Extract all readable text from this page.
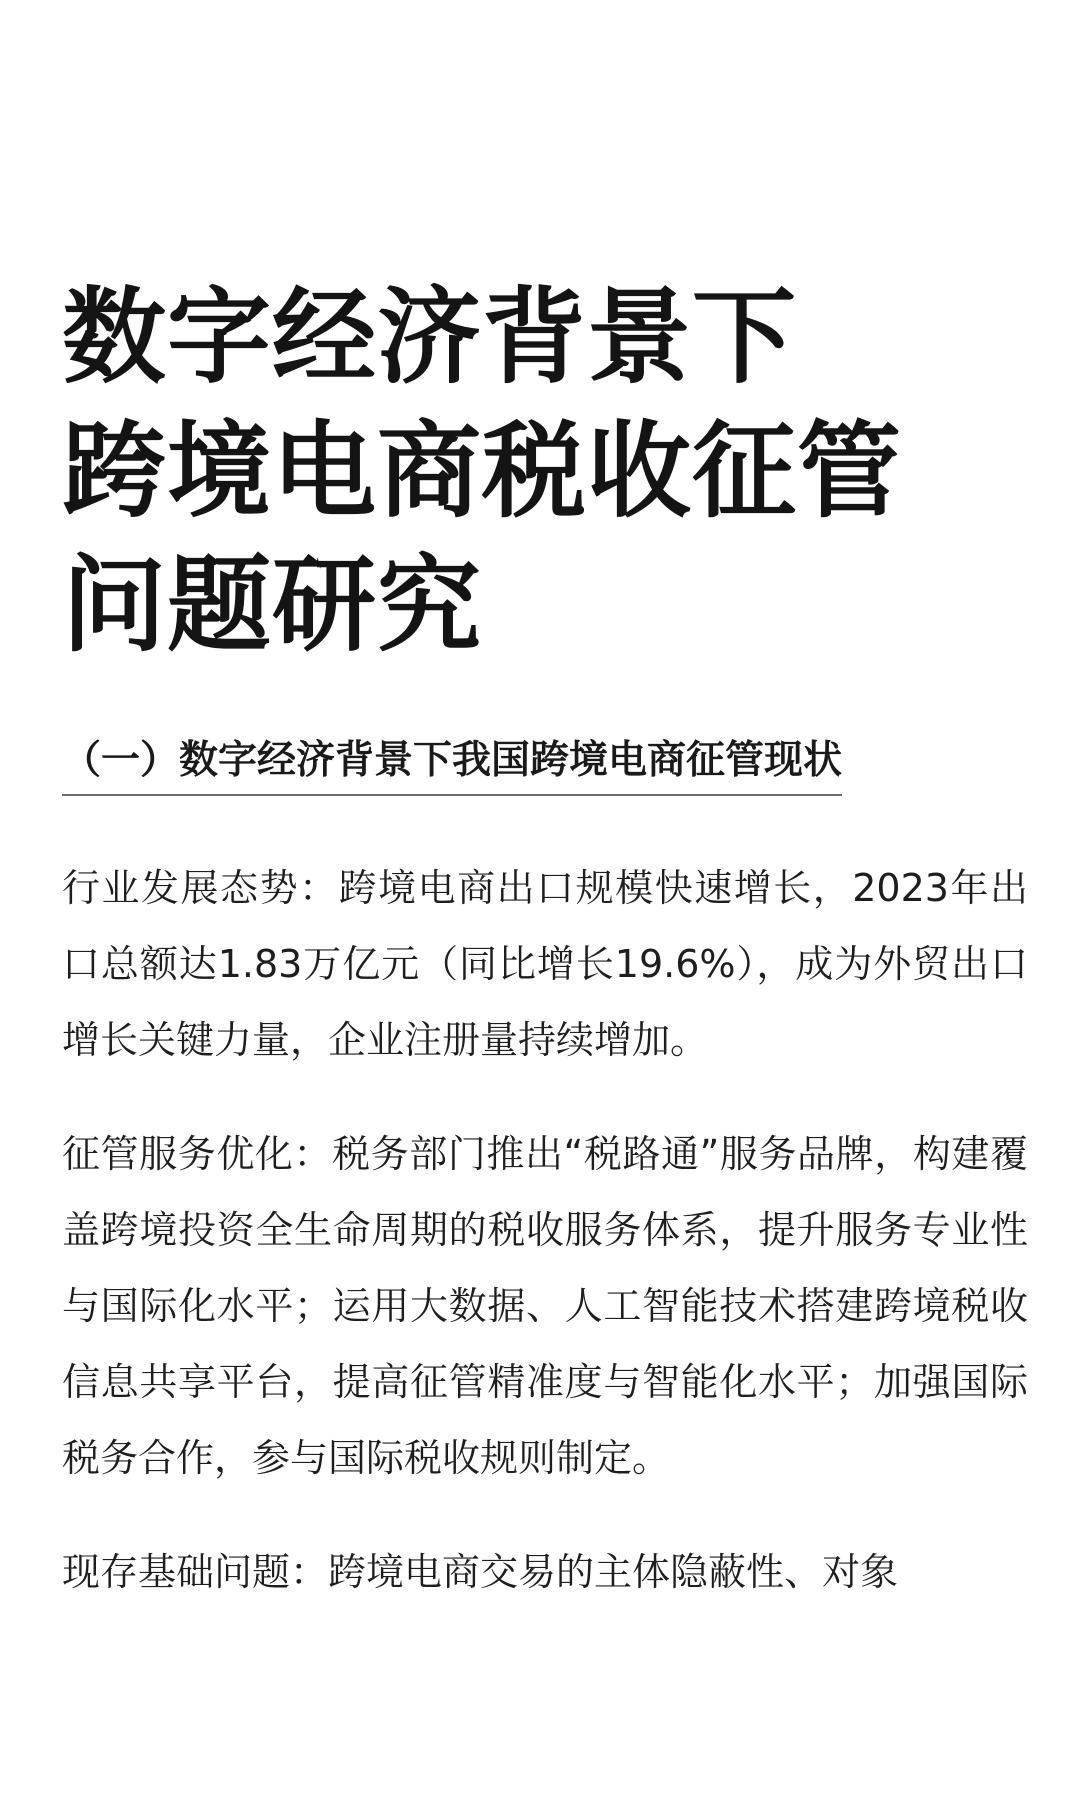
数字经济背景下
跨境电商税收征管
问题研究
（一）数字经济背景下我国跨境电商征管现状

行业发展态势：跨境电商出口规模快速增长，2023年出口总额达1.83万亿元（同比增长19.6%），成为外贸出口增长关键力量，企业注册量持续增加。

征管服务优化：税务部门推出“税路通”服务品牌，构建覆盖跨境投资全生命周期的税收服务体系，提升服务专业性与国际化水平；运用大数据、人工智能技术搭建跨境税收信息共享平台，提高征管精准度与智能化水平；加强国际税务合作，参与国际税收规则制定。

现存基础问题：跨境电商交易的主体隐蔽性、对象
